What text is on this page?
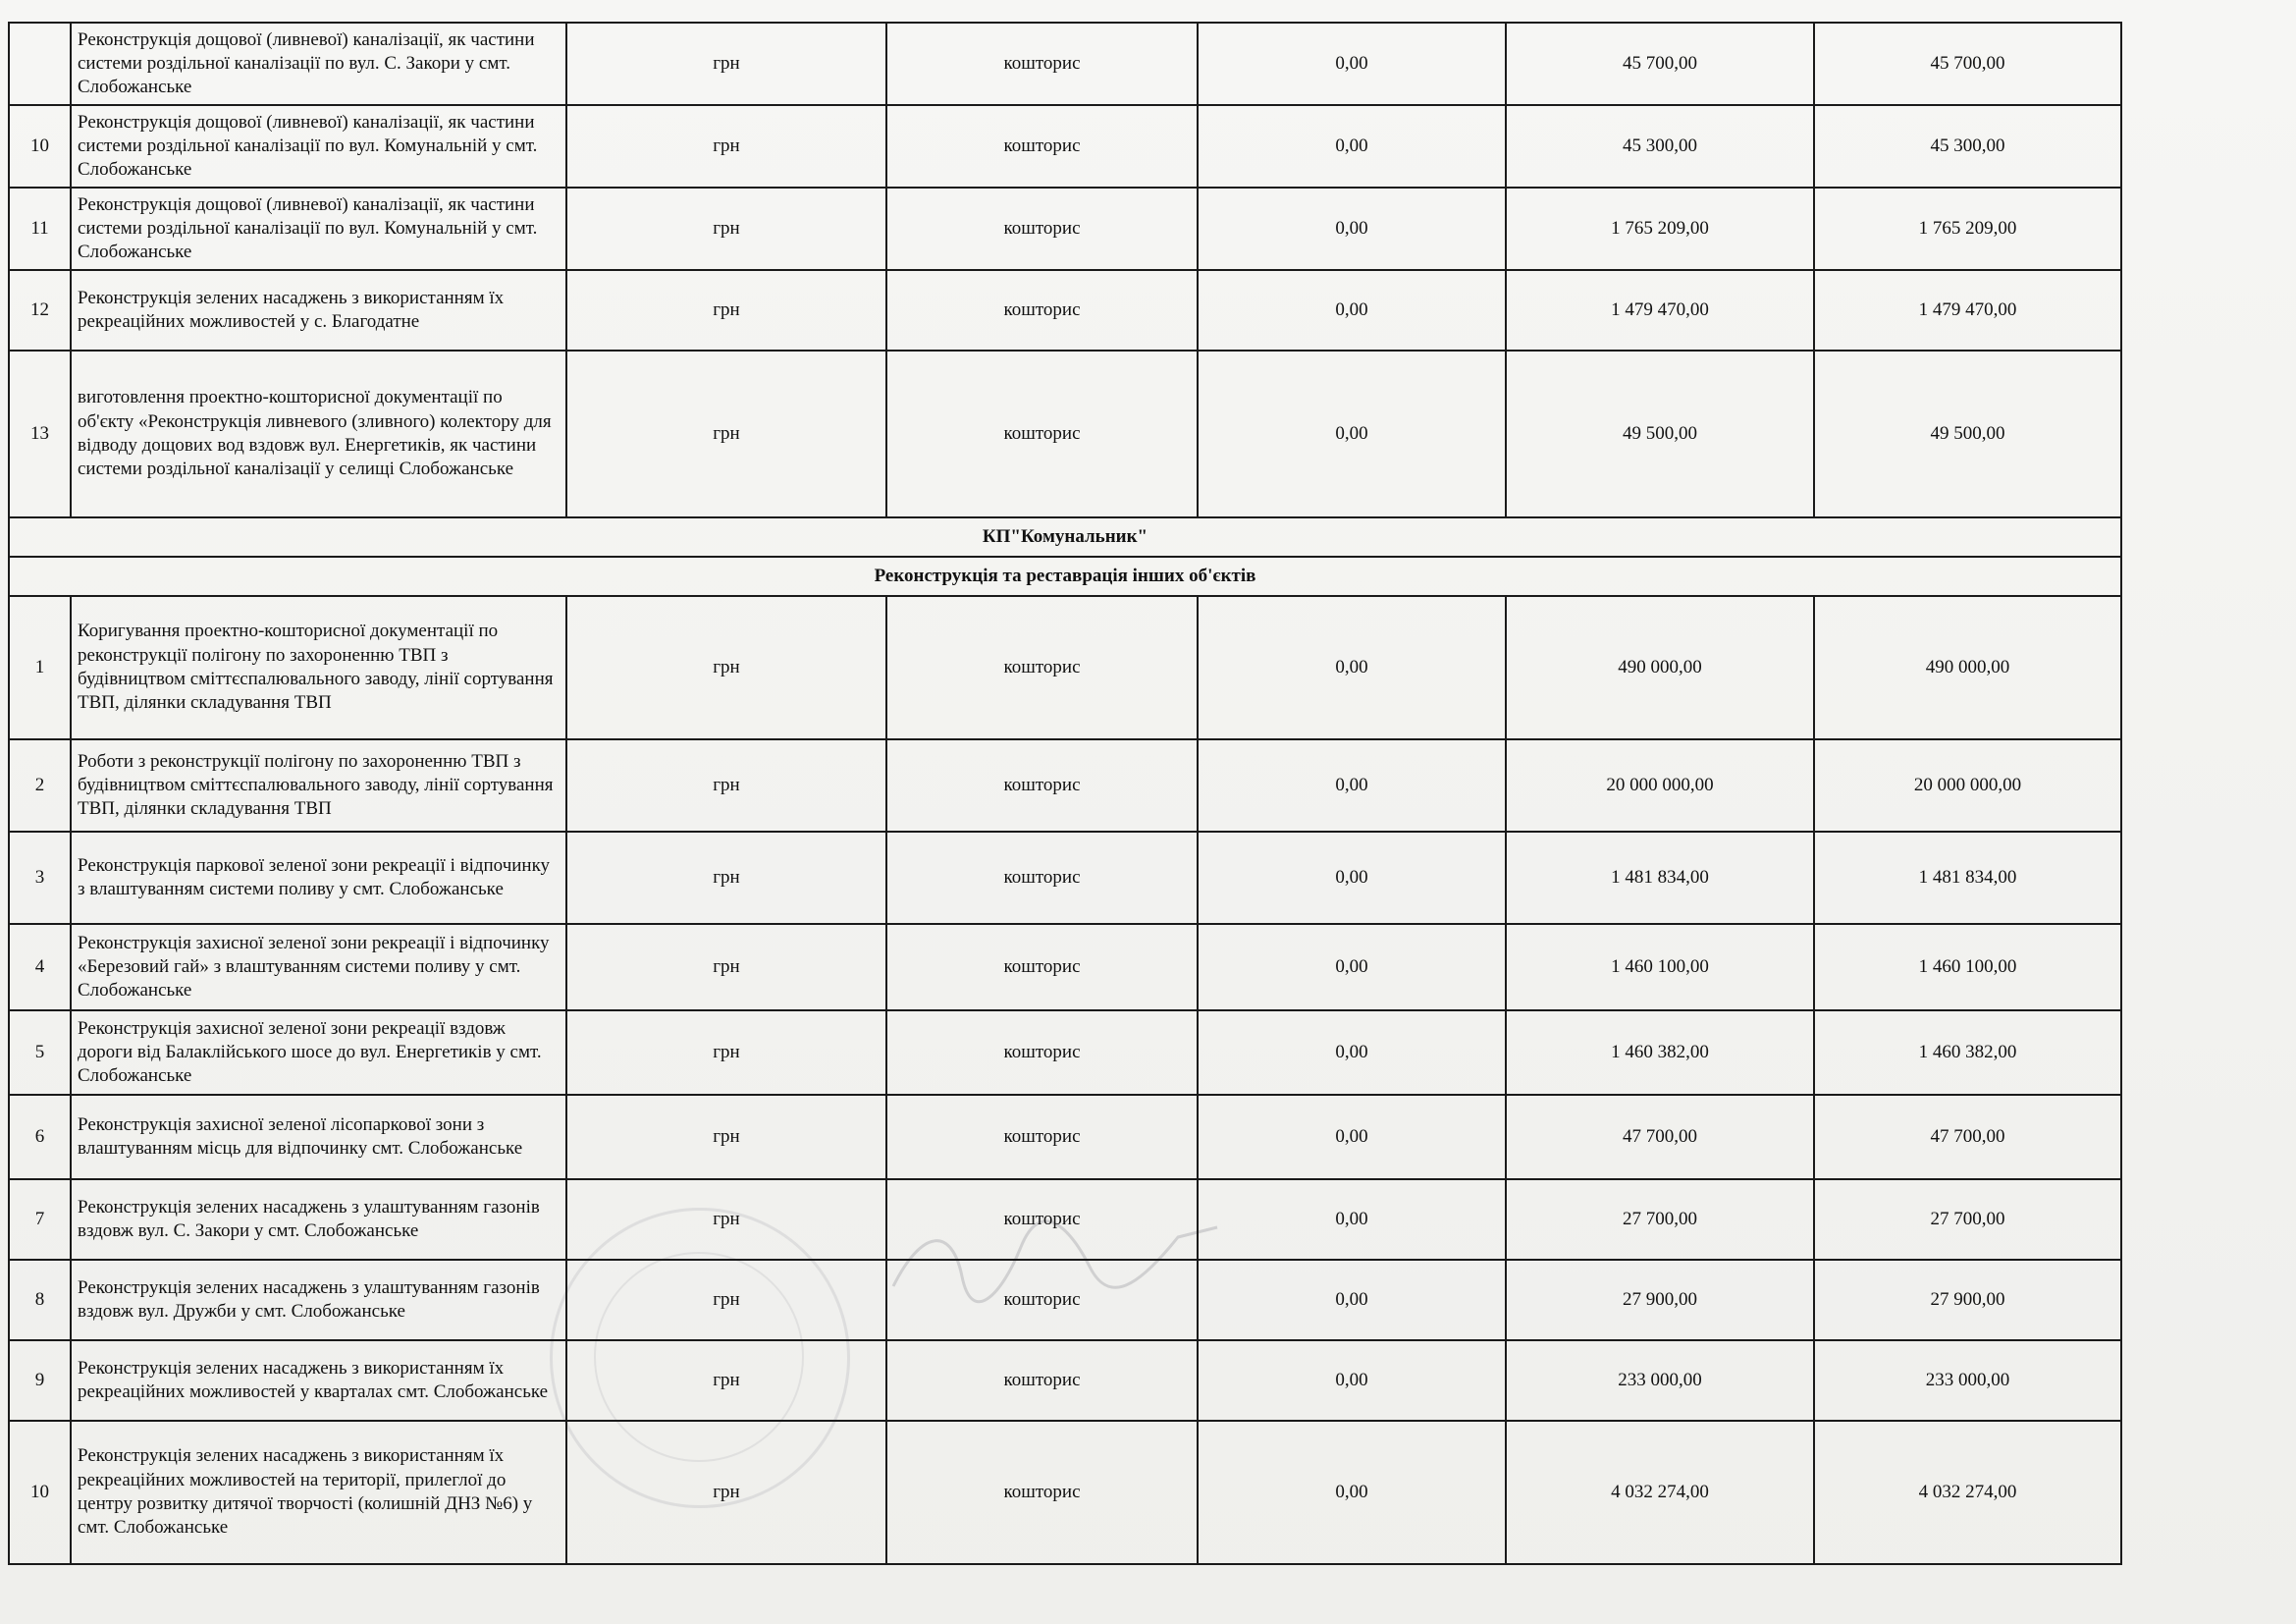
	Реконструкція дощової (ливневої) каналізації, як частини системи роздільної каналізації по вул. С. Закори у смт. Слобожанське	грн	кошторис	0,00	45 700,00	45 700,00
10	Реконструкція дощової (ливневої) каналізації, як частини системи роздільної каналізації по вул. Комунальній у смт. Слобожанське	грн	кошторис	0,00	45 300,00	45 300,00
11	Реконструкція дощової (ливневої) каналізації, як частини системи роздільної каналізації по вул. Комунальній у смт. Слобожанське	грн	кошторис	0,00	1 765 209,00	1 765 209,00
12	Реконструкція зелених насаджень з використанням їх рекреаційних можливостей у с. Благодатне	грн	кошторис	0,00	1 479 470,00	1 479 470,00
13	виготовлення проектно-кошторисної документації по об'єкту «Реконструкція ливневого (зливного) колектору для відводу дощових вод вздовж вул. Енергетиків, як частини системи роздільної каналізації у селищі Слобожанське	грн	кошторис	0,00	49 500,00	49 500,00
КП"Комунальник"						
Реконструкція та реставрація інших об'єктів						
1	Коригування проектно-кошторисної документації по реконструкції полігону по захороненню ТВП з будівництвом сміттєспалювального заводу, лінії сортування ТВП, ділянки складування ТВП	грн	кошторис	0,00	490 000,00	490 000,00
2	Роботи з реконструкції полігону по захороненню ТВП з будівництвом сміттєспалювального заводу, лінії сортування ТВП, ділянки складування ТВП	грн	кошторис	0,00	20 000 000,00	20 000 000,00
3	Реконструкція паркової зеленої зони рекреації і відпочинку з влаштуванням системи поливу у смт. Слобожанське	грн	кошторис	0,00	1 481 834,00	1 481 834,00
4	Реконструкція захисної зеленої зони рекреації і відпочинку «Березовий гай» з влаштуванням системи поливу у смт. Слобожанське	грн	кошторис	0,00	1 460 100,00	1 460 100,00
5	Реконструкція захисної зеленої зони рекреації вздовж дороги від Балаклійського шосе до вул. Енергетиків у смт. Слобожанське	грн	кошторис	0,00	1 460 382,00	1 460 382,00
6	Реконструкція захисної зеленої лісопаркової зони з влаштуванням місць для відпочинку смт. Слобожанське	грн	кошторис	0,00	47 700,00	47 700,00
7	Реконструкція зелених насаджень з улаштуванням газонів вздовж вул. С. Закори у смт. Слобожанське	грн	кошторис	0,00	27 700,00	27 700,00
8	Реконструкція зелених насаджень з улаштуванням газонів вздовж вул. Дружби у смт. Слобожанське	грн	кошторис	0,00	27 900,00	27 900,00
9	Реконструкція зелених насаджень з використанням їх рекреаційних можливостей у кварталах смт. Слобожанське	грн	кошторис	0,00	233 000,00	233 000,00
10	Реконструкція зелених насаджень з використанням їх рекреаційних можливостей на території, прилеглої до центру розвитку дитячої творчості (колишній ДНЗ №6) у смт. Слобожанське	грн	кошторис	0,00	4 032 274,00	4 032 274,00
